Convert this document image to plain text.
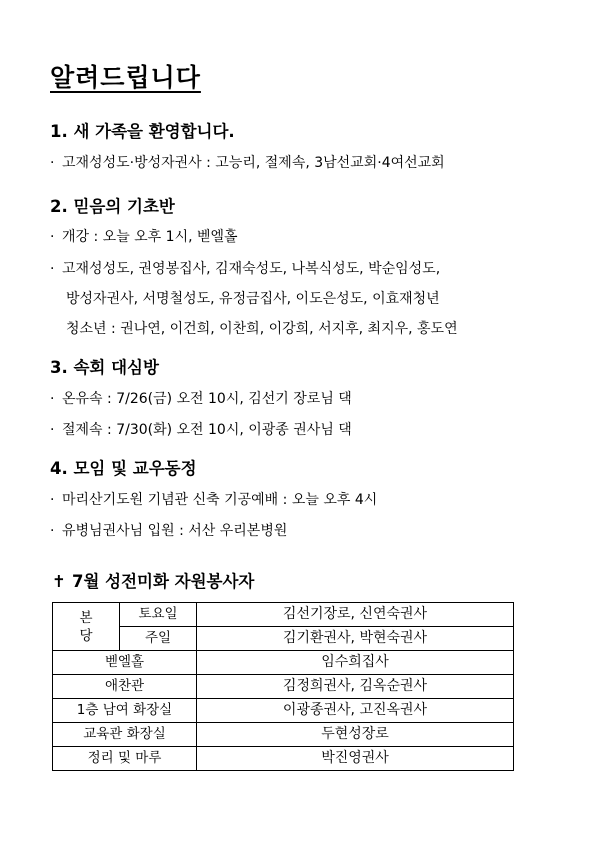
알려드립니다
1. 새 가족을 환영합니다.
· 고재성성도·방성자권사 : 고능리, 절제속, 3남선교회·4여선교회
2. 믿음의 기초반
· 개강 : 오늘 오후 1시, 벧엘홀
· 고재성성도, 권영봉집사, 김재숙성도, 나복식성도, 박순임성도,
방성자권사, 서명철성도, 유정금집사, 이도은성도, 이효재청년
청소년 : 권나연, 이건희, 이찬희, 이강희, 서지후, 최지우, 홍도연
3. 속회 대심방
· 온유속 : 7/26(금) 오전 10시, 김선기 장로님 댁
· 절제속 : 7/30(화) 오전 10시, 이광종 권사님 댁
4. 모임 및 교우동정
· 마리산기도원 기념관 신축 기공예배 : 오늘 오후 4시
· 유병님권사님 입원 : 서산 우리본병원
✝ 7월 성전미화 자원봉사자
본
당	토요일	김선기장로, 신연숙권사
	주일	김기환권사, 박현숙권사
벧엘홀		임수희집사
애찬관		김정희권사, 김옥순권사
1층 남여 화장실		이광종권사, 고진옥권사
교육관 화장실		두현성장로
정리 및 마루		박진영권사
